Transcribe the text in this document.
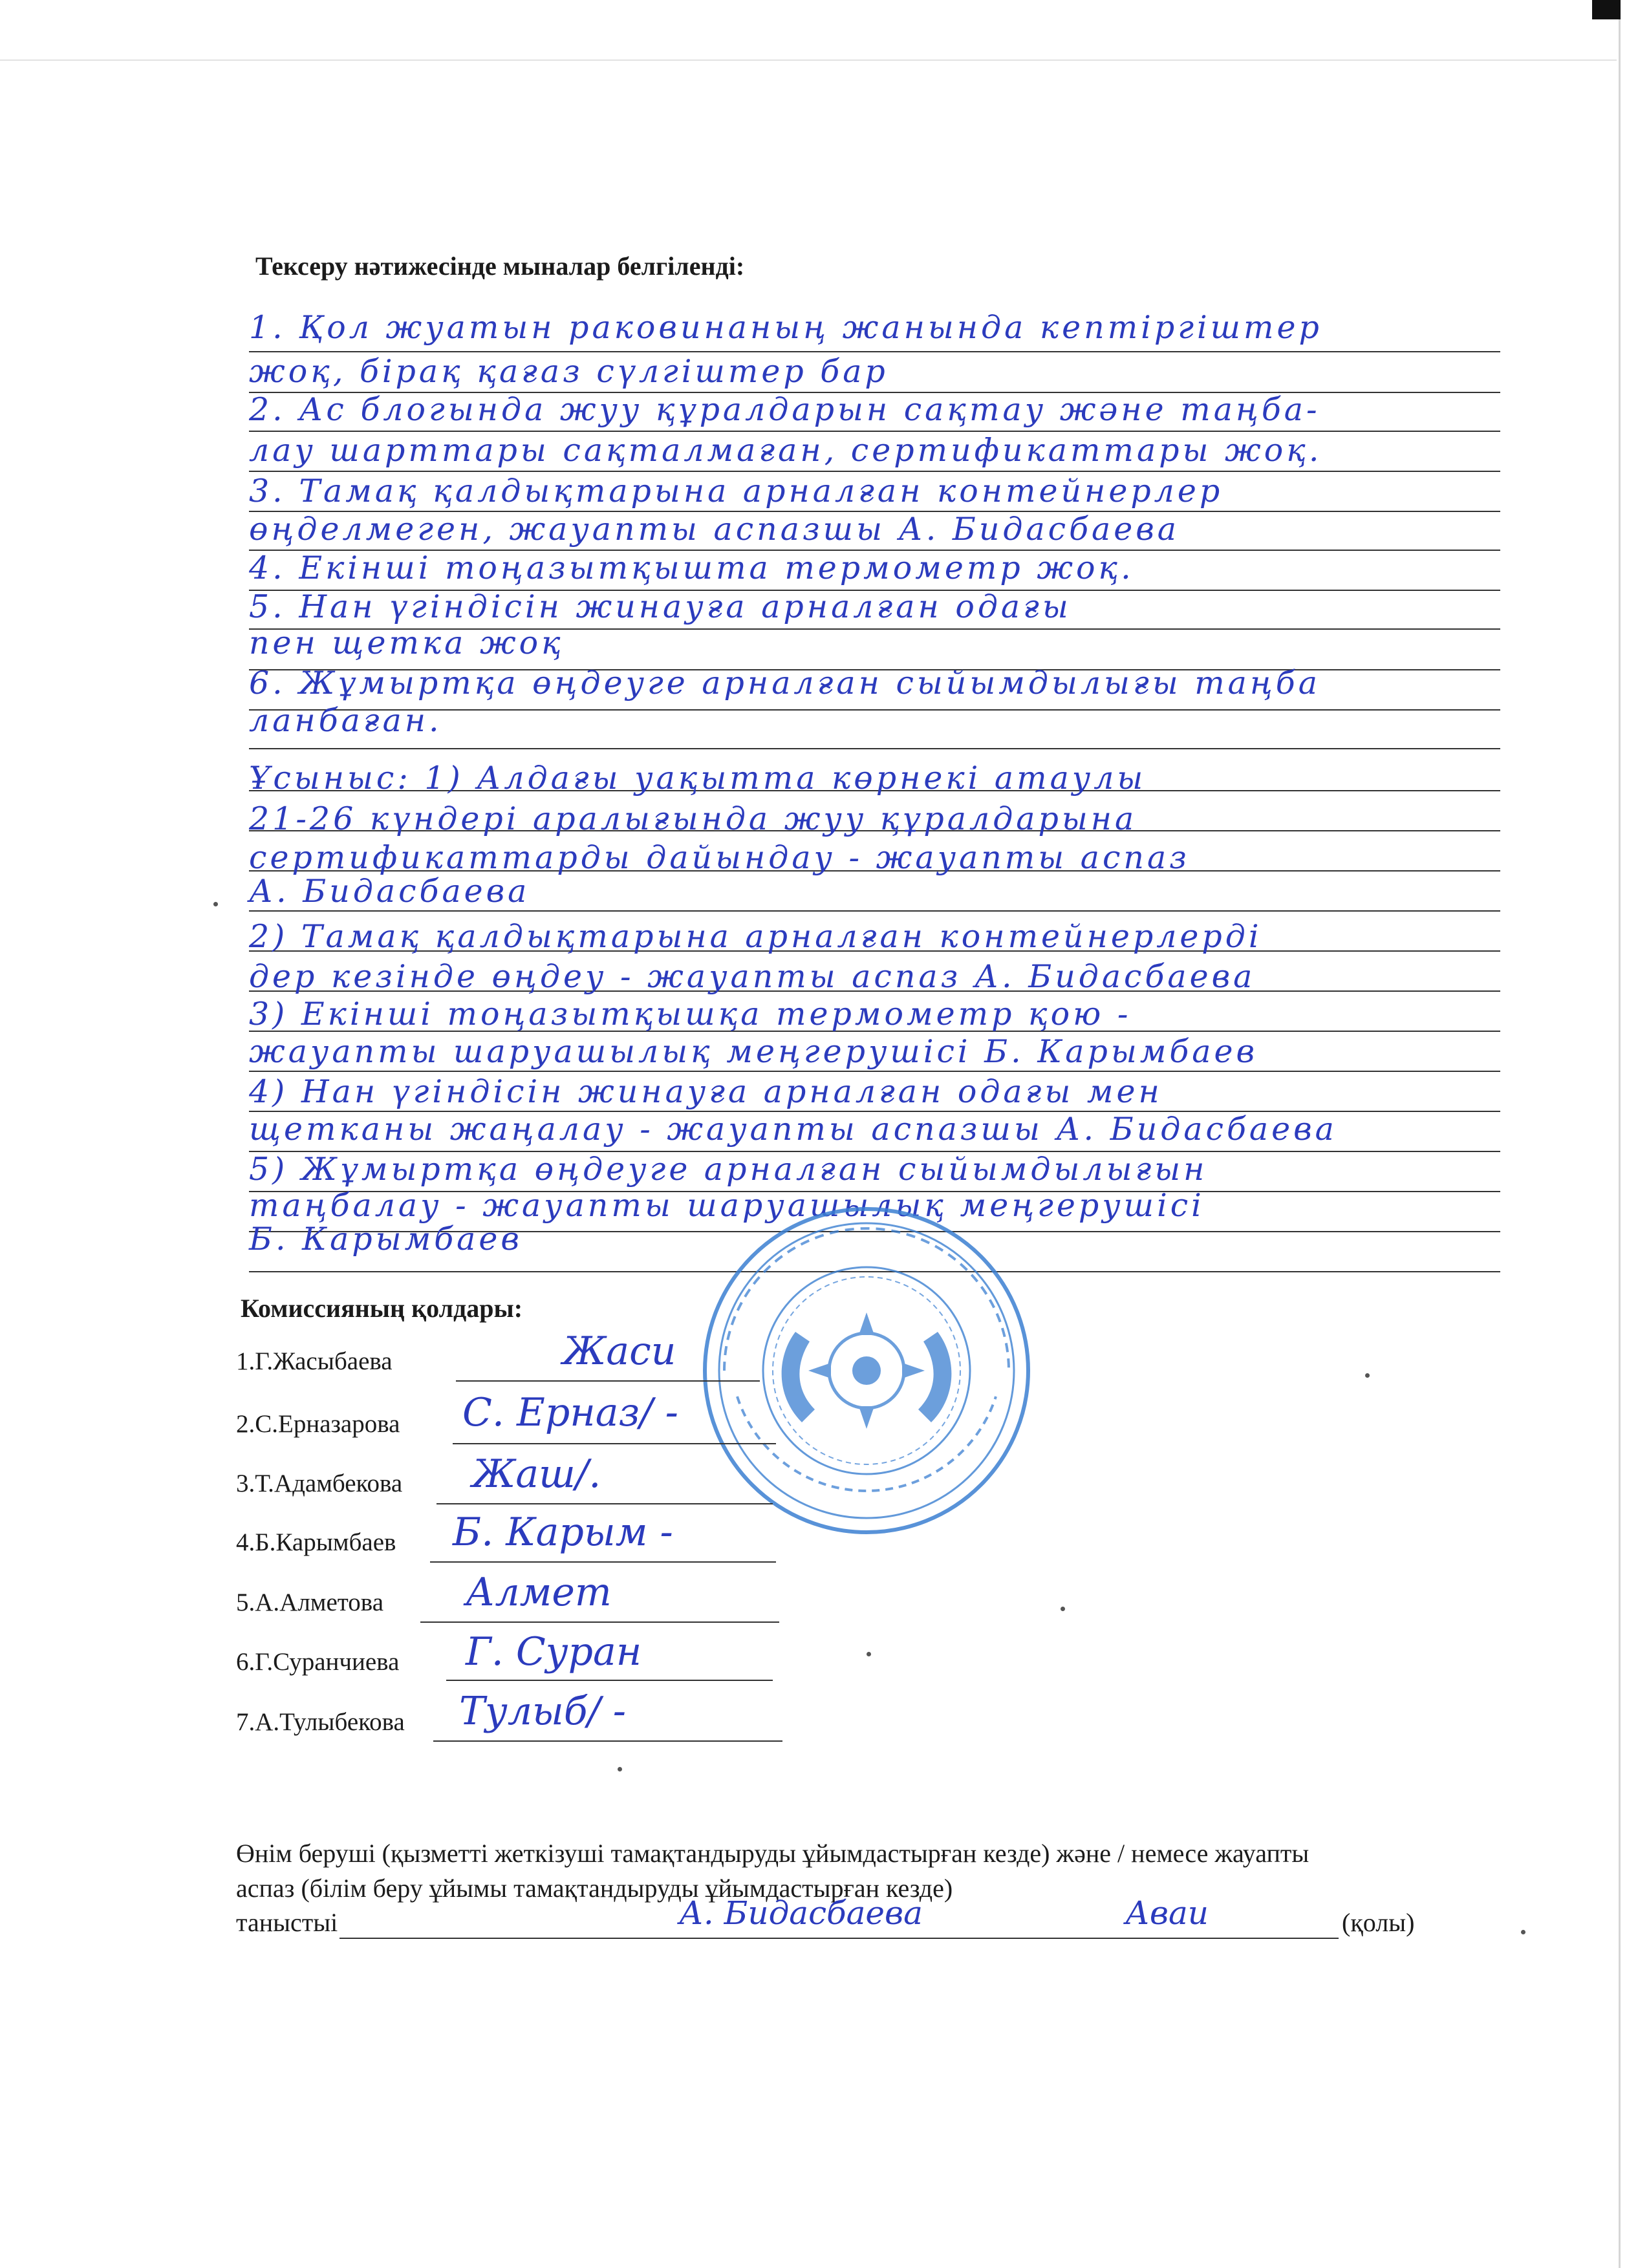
Тексеру нәтижесінде мыналар белгіленді:
1. Қол жуатын раковинаның жанында кептіргіштер
жоқ, бірақ қағаз сүлгіштер бар
2. Ас блогында жуу құралдарын сақтау және таңба-
лау шарттары сақталмаған, сертификаттары жоқ.
3. Тамақ қалдықтарына арналған контейнерлер
өңделмеген, жауапты аспазшы А. Бидасбаева
4. Екінші тоңазытқышта термометр жоқ.
5. Нан үгіндісін жинауға арналған одағы
пен щетка жоқ
6. Жұмыртқа өңдеуге арналған сыйымдылығы таңба
ланбаған.
Ұсыныс: 1) Алдағы уақытта көрнекі атаулы
21-26 күндері аралығында жуу құралдарына
сертификаттарды дайындау - жауапты аспаз
А. Бидасбаева
2) Тамақ қалдықтарына арналған контейнерлерді
дер кезінде өңдеу - жауапты аспаз А. Бидасбаева
3) Екінші тоңазытқышқа термометр қою -
жауапты шаруашылық меңгерушісі Б. Карымбаев
4) Нан үгіндісін жинауға арналған одағы мен
щетканы жаңалау - жауапты аспазшы А. Бидасбаева
5) Жұмыртқа өңдеуге арналған сыйымдылығын
таңбалау - жауапты шаруашылық меңгерушісі
Б. Карымбаев
Комиссияның қолдары:
1.Г.Жасыбаева	Жаси
2.С.Ерназарова С. Ерназ/ -
3.Т.Адамбекова Жаш/.
4.Б.Карымбаев Б. Карым -
5.А.Алметова Алмет
6.Г.Суранчиева Г. Суран
7.А.Тулыбекова Тулыб/ -
Өнім беруші (қызметті жеткізуші тамақтандыруды ұйымдастырған кезде) және / немесе жауапты
аспаз (білім беру ұйымы тамақтандыруды ұйымдастырған кезде)
таныстыі	А. Бидасбаева	Аваи	(қолы)
